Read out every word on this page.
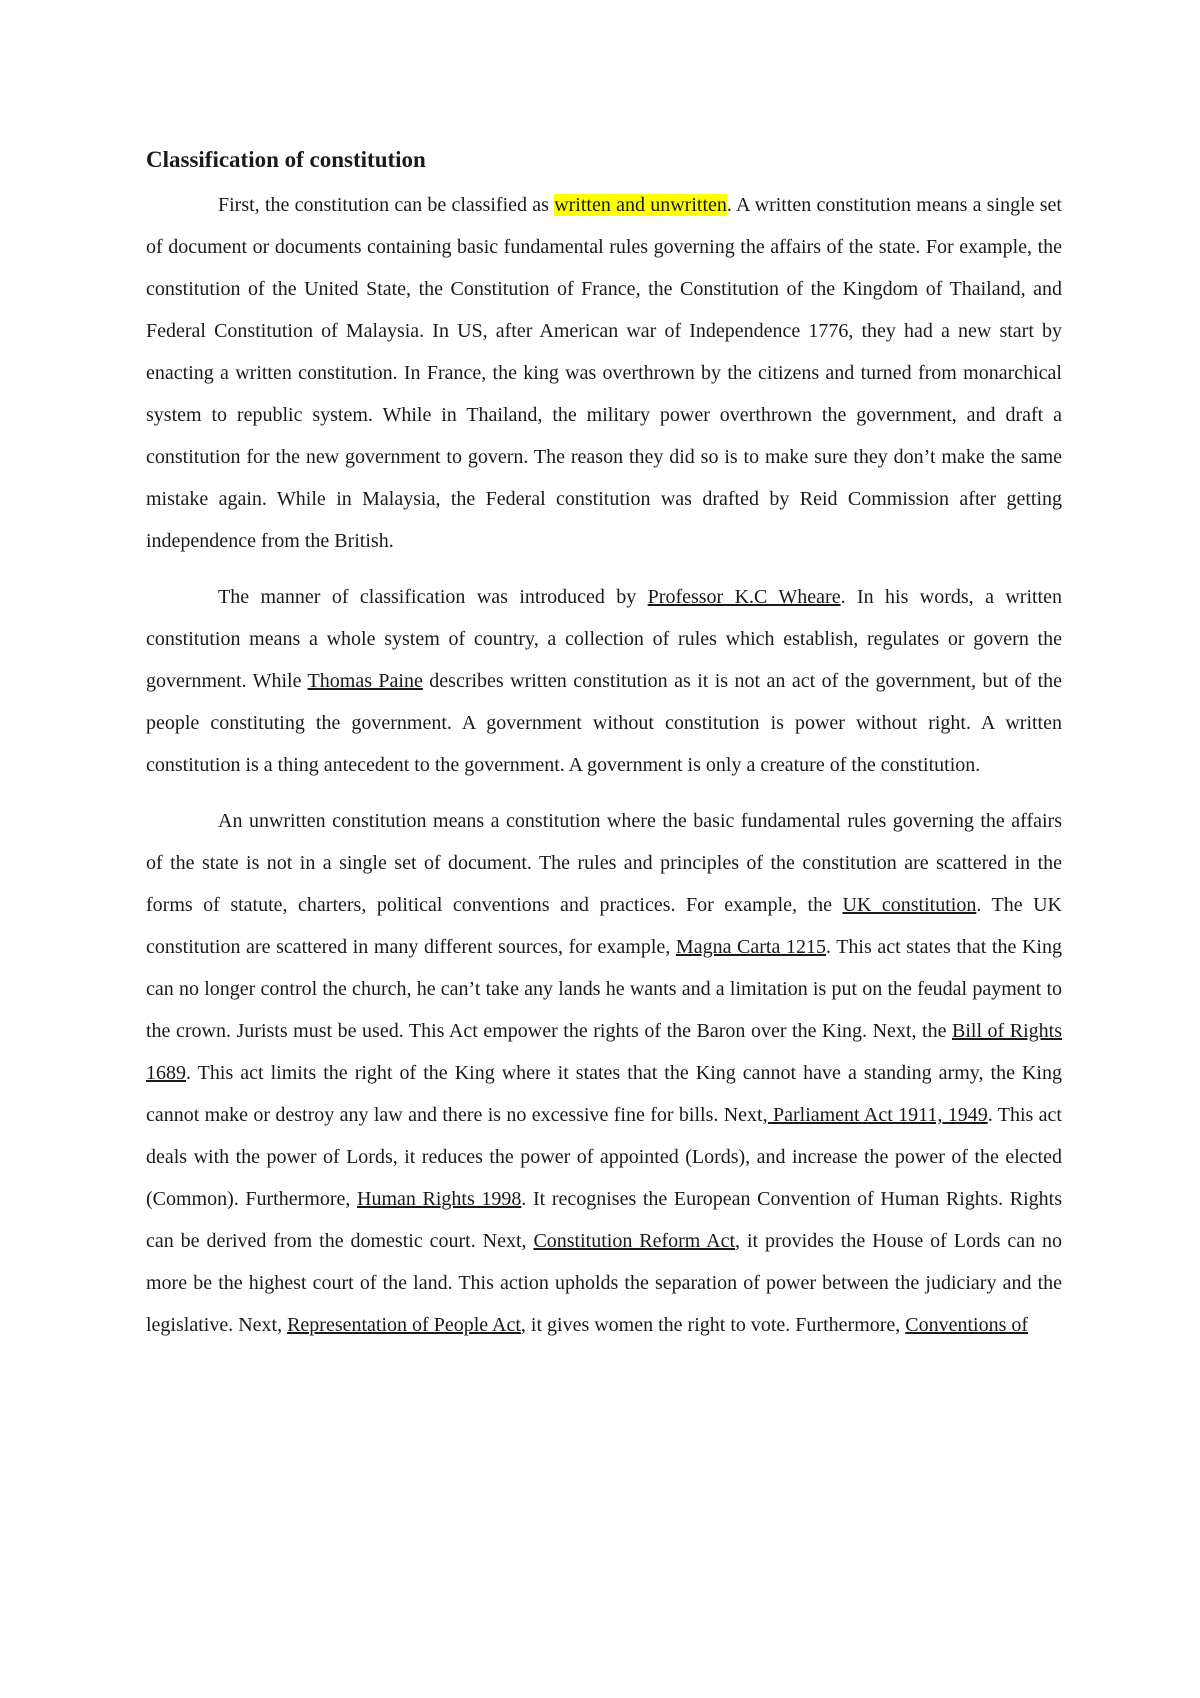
Classification of constitution

First, the constitution can be classified as written and unwritten. A written constitution means a single set of document or documents containing basic fundamental rules governing the affairs of the state. For example, the constitution of the United State, the Constitution of France, the Constitution of the Kingdom of Thailand, and Federal Constitution of Malaysia. In US, after American war of Independence 1776, they had a new start by enacting a written constitution. In France, the king was overthrown by the citizens and turned from monarchical system to republic system. While in Thailand, the military power overthrown the government, and draft a constitution for the new government to govern. The reason they did so is to make sure they don’t make the same mistake again. While in Malaysia, the Federal constitution was drafted by Reid Commission after getting independence from the British.

The manner of classification was introduced by Professor K.C Wheare. In his words, a written constitution means a whole system of country, a collection of rules which establish, regulates or govern the government. While Thomas Paine describes written constitution as it is not an act of the government, but of the people constituting the government. A government without constitution is power without right. A written constitution is a thing antecedent to the government. A government is only a creature of the constitution.

An unwritten constitution means a constitution where the basic fundamental rules governing the affairs of the state is not in a single set of document. The rules and principles of the constitution are scattered in the forms of statute, charters, political conventions and practices. For example, the UK constitution. The UK constitution are scattered in many different sources, for example, Magna Carta 1215. This act states that the King can no longer control the church, he can’t take any lands he wants and a limitation is put on the feudal payment to the crown. Jurists must be used. This Act empower the rights of the Baron over the King. Next, the Bill of Rights 1689. This act limits the right of the King where it states that the King cannot have a standing army, the King cannot make or destroy any law and there is no excessive fine for bills. Next, Parliament Act 1911, 1949. This act deals with the power of Lords, it reduces the power of appointed (Lords), and increase the power of the elected (Common). Furthermore, Human Rights 1998. It recognises the European Convention of Human Rights. Rights can be derived from the domestic court. Next, Constitution Reform Act, it provides the House of Lords can no more be the highest court of the land. This action upholds the separation of power between the judiciary and the legislative. Next, Representation of People Act, it gives women the right to vote. Furthermore, Conventions of
